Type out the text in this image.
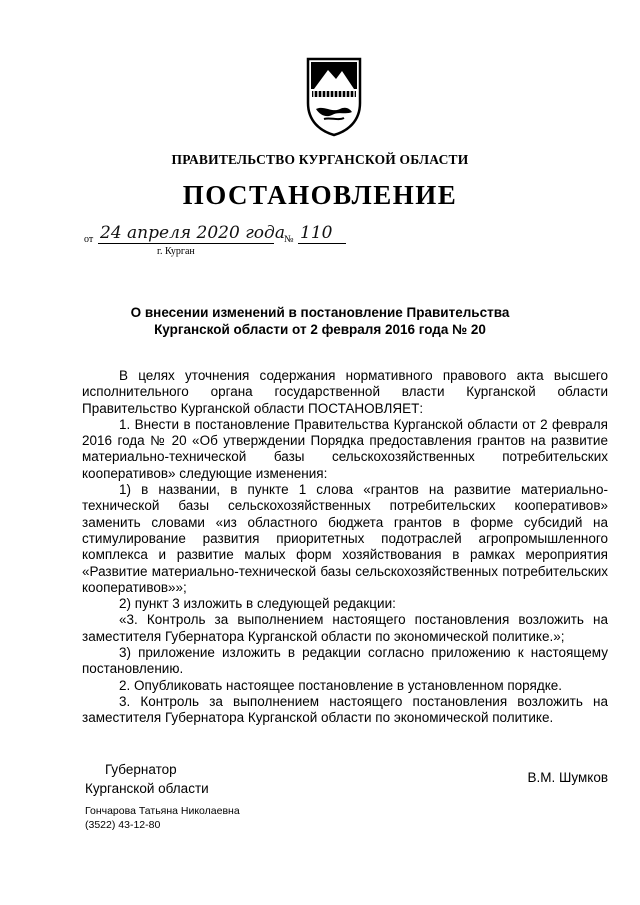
ПРАВИТЕЛЬСТВО КУРГАНСКОЙ ОБЛАСТИ
ПОСТАНОВЛЕНИЕ
от 24 апреля 2020 года № 110
г. Курган
О внесении изменений в постановление Правительства
Курганской области от 2 февраля 2016 года № 20

В целях уточнения содержания нормативного правового акта высшего исполнительного органа государственной власти Курганской области Правительство Курганской области ПОСТАНОВЛЯЕТ:

1. Внести в постановление Правительства Курганской области от 2 февраля 2016 года № 20 «Об утверждении Порядка предоставления грантов на развитие материально-технической базы сельскохозяйственных потребительских кооперативов» следующие изменения:

1) в названии, в пункте 1 слова «грантов на развитие материально-технической базы сельскохозяйственных потребительских кооперативов» заменить словами «из областного бюджета грантов в форме субсидий на стимулирование развития приоритетных подотраслей агропромышленного комплекса и развитие малых форм хозяйствования в рамках мероприятия «Развитие материально-технической базы сельскохозяйственных потребительских кооперативов»»;

2) пункт 3 изложить в следующей редакции:

«3. Контроль за выполнением настоящего постановления возложить на заместителя Губернатора Курганской области по экономической политике.»;

3) приложение изложить в редакции согласно приложению к настоящему постановлению.

2. Опубликовать настоящее постановление в установленном порядке.

3. Контроль за выполнением настоящего постановления возложить на заместителя Губернатора Курганской области по экономической политике.

Губернатор
Курганской области
В.М. Шумков
Гончарова Татьяна Николаевна
(3522) 43-12-80
